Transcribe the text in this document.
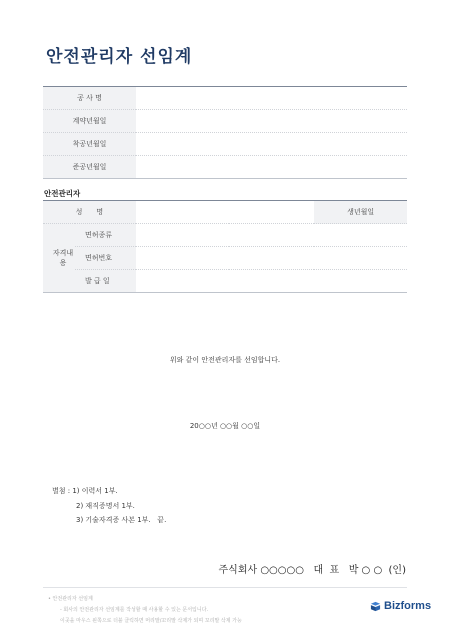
안전관리자 선임계
공 사 명	
계약년월일	
착공년월일	
준공년월일	
안전관리자
성　　명			생년월일	
자격내용	면허종류			
	면허번호			
	발 급 일			
위와 같이 안전관리자를 선임합니다.
20○○년 ○○월 ○○일
별첨 : 1) 이력서 1부.
2) 재직증명서 1부.
3) 기술자격증 사본 1부.   끝.
주식회사 ○○○○○   대  표   박 ○ ○  (인)
• 안전관리자 선임계
- 회사의 안전관리자 선임계를 작성할 때 사용할 수 있는 문서입니다.
이곳을 마우스 왼쪽으로 더블 클릭하면 머리말/꼬리말 삭제가 되며 꼬리말 삭제 가능
Bizforms
